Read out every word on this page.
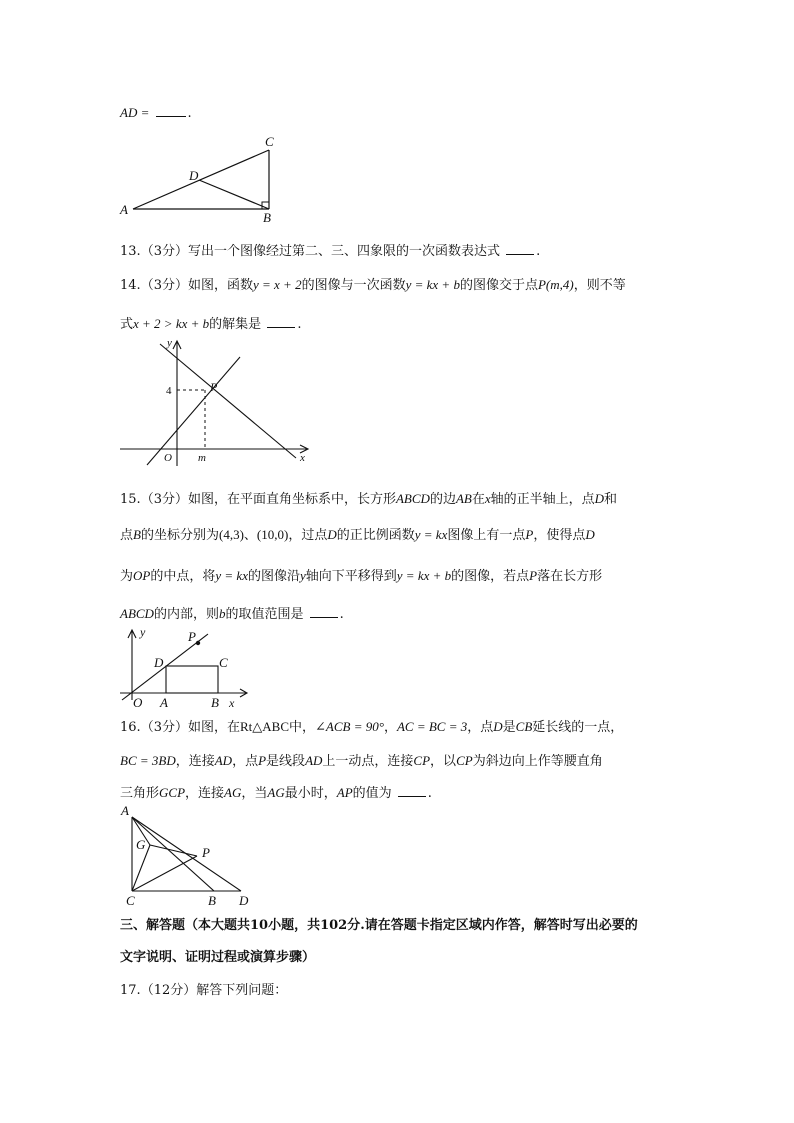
AD =	.
A
B
C
D
13.（3分）写出一个图像经过第二、三、四象限的一次函数表达式	.
14.（3分）如图，函数y = x + 2的图像与一次函数y = kx + b的图像交于点P(m,4)，则不等
式x + 2 > kx + b的解集是	.
y
x
O m
4	P
15.（3分）如图，在平面直角坐标系中，长方形ABCD的边AB在x轴的正半轴上，点D和
点B的坐标分别为(4,3)、(10,0)，过点D的正比例函数y = kx图像上有一点P，使得点D
为OP的中点，将y = kx的图像沿y轴向下平移得到y = kx + b的图像，若点P落在长方形
ABCD的内部，则b的取值范围是	.
y
x
O A	B
C
D
P
16.（3分）如图，在Rt△ABC中，∠ACB = 90°，AC = BC = 3，点D是CB延长线的一点，
BC = 3BD，连接AD，点P是线段AD上一动点，连接CP，以CP为斜边向上作等腰直角
三角形GCP，连接AG，当AG最小时，AP的值为	.
A
C	B D
G
P
三、解答题（本大题共10小题，共102分.请在答题卡指定区域内作答，解答时写出必要的
文字说明、证明过程或演算步骤）
17.（12分）解答下列问题：
